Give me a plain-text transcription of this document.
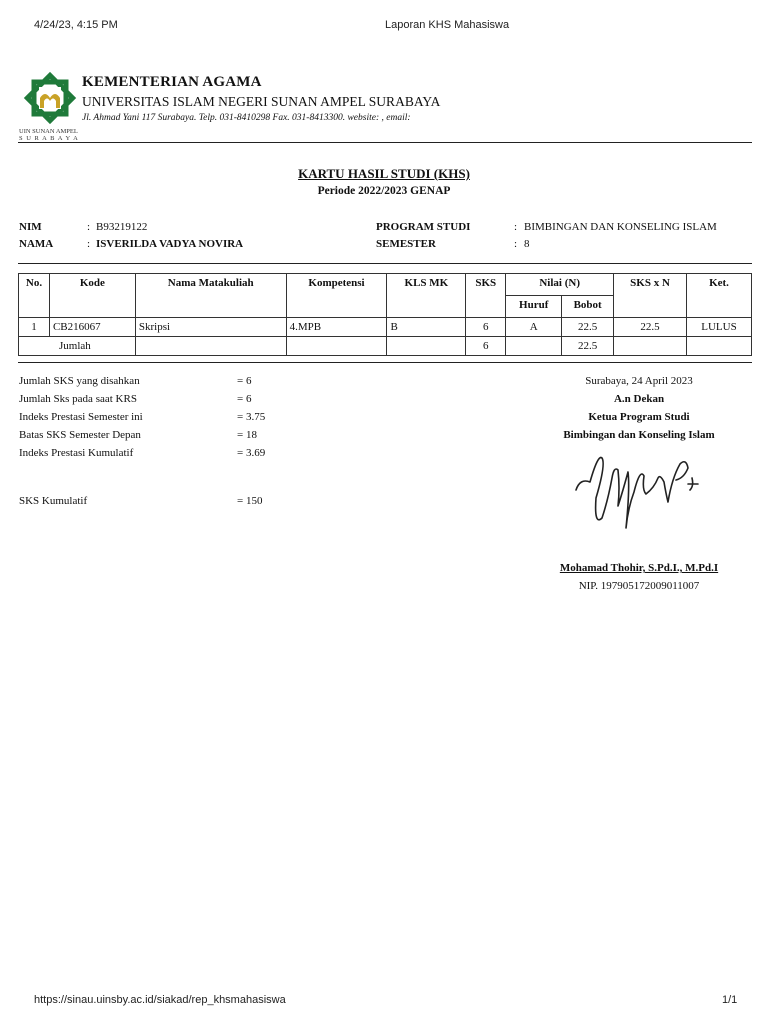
4/24/23, 4:15 PM	Laporan KHS Mahasiswa
UIN SUNAN AMPEL
S U R A B A Y A
KEMENTERIAN AGAMA
UNIVERSITAS ISLAM NEGERI SUNAN AMPEL SURABAYA
Jl. Ahmad Yani 117 Surabaya. Telp. 031-8410298 Fax. 031-8413300. website: , email:
KARTU HASIL STUDI (KHS)
Periode 2022/2023 GENAP
NIM	: B93219122
NAMA	: ISVERILDA VADYA NOVIRA
PROGRAM STUDI	: BIMBINGAN DAN KONSELING ISLAM
SEMESTER	: 8
No.	Kode	Nama Matakuliah	Kompetensi	KLS MK	SKS	Nilai (N)		SKS x N	Ket.
						Huruf	Bobot		
1	CB216067	Skripsi	4.MPB	B	6	A	22.5	22.5	LULUS
Jumlah					6		22.5		
Jumlah SKS yang disahkan	= 6
Jumlah Sks pada saat KRS	= 6
Indeks Prestasi Semester ini	= 3.75
Batas SKS Semester Depan	= 18
Indeks Prestasi Kumulatif	= 3.69
SKS Kumulatif	= 150
Surabaya, 24 April 2023
A.n Dekan
Ketua Program Studi
Bimbingan dan Konseling Islam
Mohamad Thohir, S.Pd.I., M.Pd.I
NIP. 197905172009011007
https://sinau.uinsby.ac.id/siakad/rep_khsmahasiswa	1/1
